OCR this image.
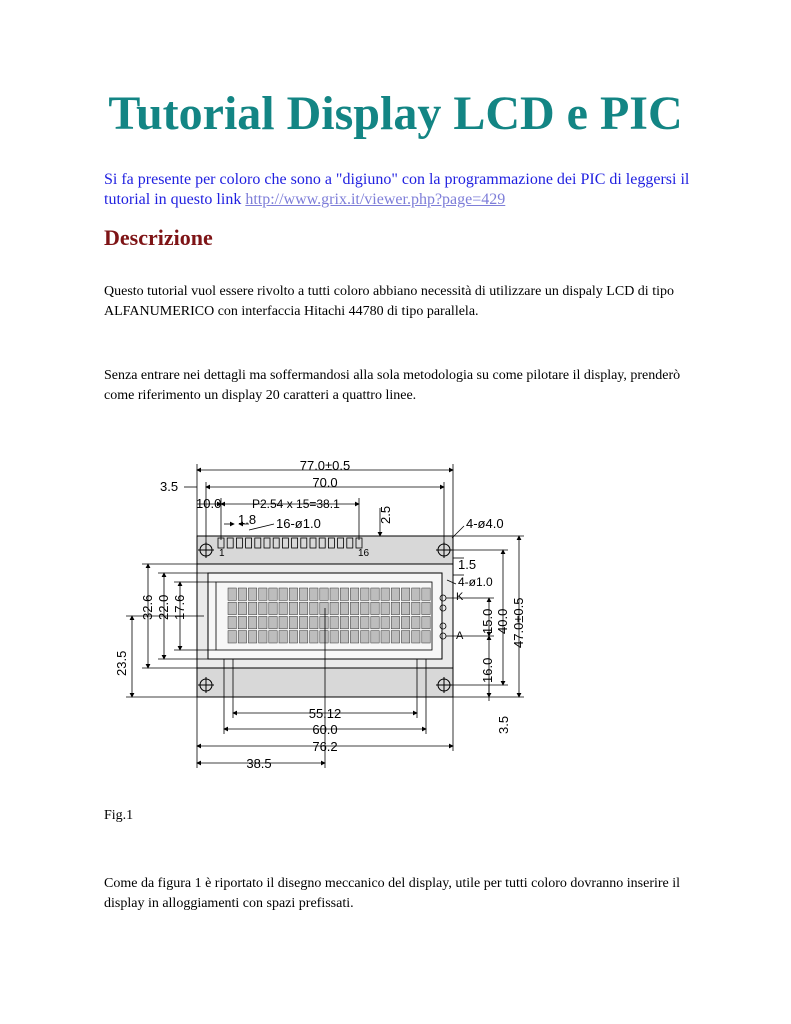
Tutorial Display LCD e PIC

Si fa presente per coloro che sono a "digiuno" con la programmazione dei PIC di leggersi il tutorial in questo link http://www.grix.it/viewer.php?page=429

Descrizione

Questo tutorial vuol essere rivolto a tutti coloro abbiano necessità di utilizzare un dispaly LCD di tipo ALFANUMERICO con interfaccia Hitachi 44780 di tipo parallela.

Senza entrare nei dettagli ma soffermandosi alla sola metodologia su come pilotare il display, prenderò come riferimento un display 20 caratteri a quattro linee.

1	16
K
A
77.0±0.5
3.5	70.0
10.0	P2.54 x 15=38.1
1.8 16-ø1.0	2.5	4-ø4.0
1.5
4-ø1.0
32.6 22.0 17.6
23.5
15.0 40.0 47.0±0.5
16.0
3.5
55.12
60.0
76.2
38.5

Fig.1

Come da figura 1 è riportato il disegno meccanico del display, utile per tutti coloro dovranno inserire il display in alloggiamenti con spazi prefissati.
